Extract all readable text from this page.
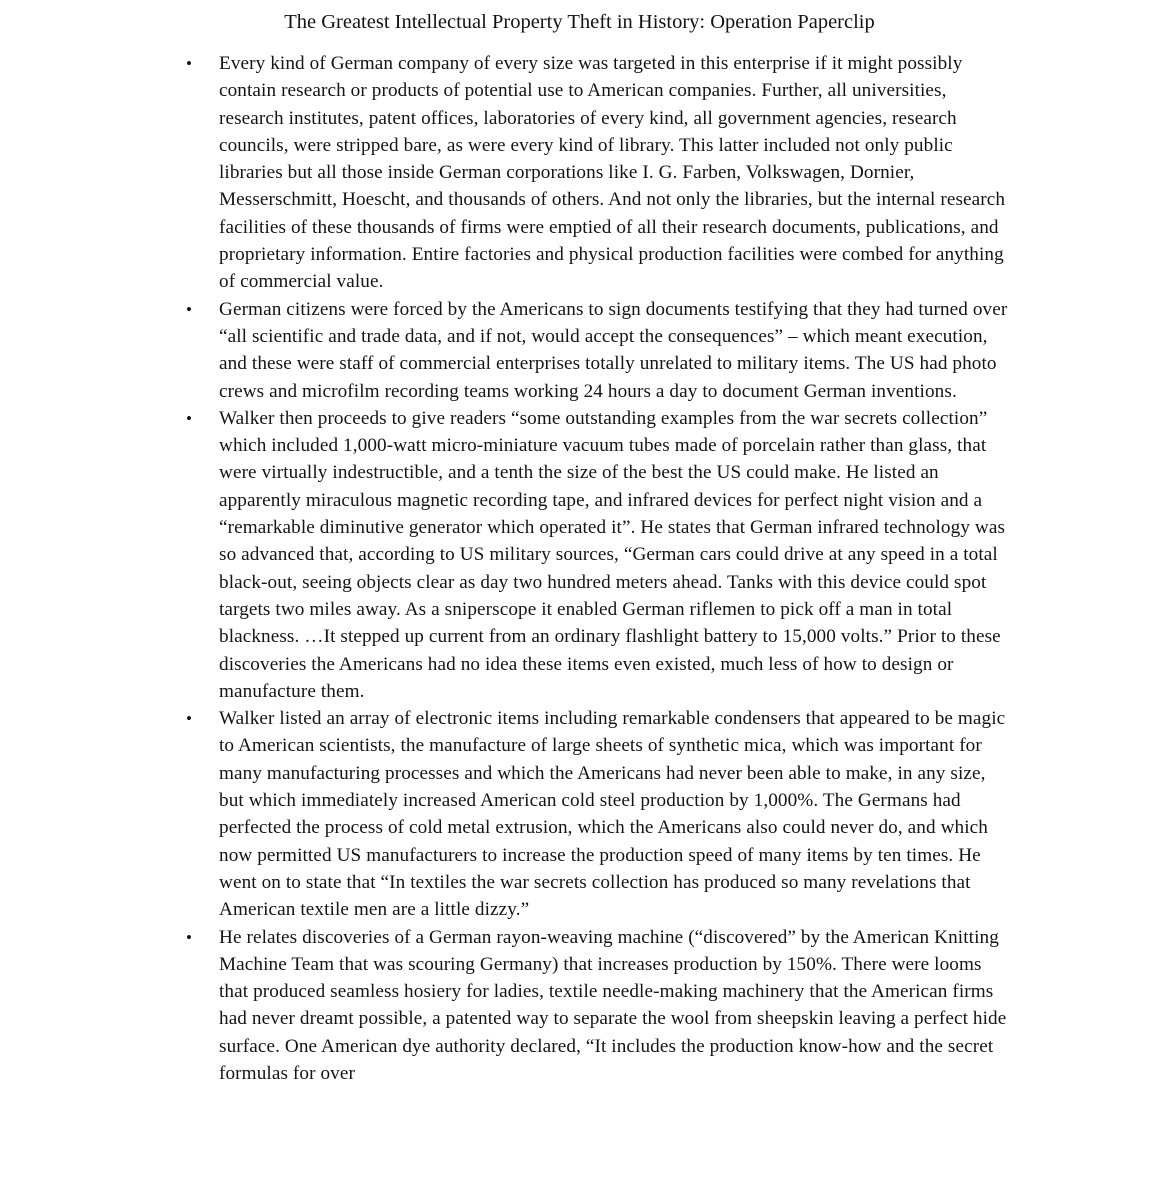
The Greatest Intellectual Property Theft in History: Operation Paperclip
•	Every kind of German company of every size was targeted in this enterprise if it might possibly contain research or products of potential use to American companies. Further, all universities, research institutes, patent offices, laboratories of every kind, all government agencies, research councils, were stripped bare, as were every kind of library. This latter included not only public libraries but all those inside German corporations like I. G. Farben, Volkswagen, Dornier, Messerschmitt, Hoescht, and thousands of others. And not only the libraries, but the internal research facilities of these thousands of firms were emptied of all their research documents, publications, and proprietary information. Entire factories and physical production facilities were combed for anything of commercial value.
•	German citizens were forced by the Americans to sign documents testifying that they had turned over “all scientific and trade data, and if not, would accept the consequences” – which meant execution, and these were staff of commercial enterprises totally unrelated to military items. The US had photo crews and microfilm recording teams working 24 hours a day to document German inventions.
•	Walker then proceeds to give readers “some outstanding examples from the war secrets collection” which included 1,000-watt micro-miniature vacuum tubes made of porcelain rather than glass, that were virtually indestructible, and a tenth the size of the best the US could make. He listed an apparently miraculous magnetic recording tape, and infrared devices for perfect night vision and a “remarkable diminutive generator which operated it”. He states that German infrared technology was so advanced that, according to US military sources, “German cars could drive at any speed in a total black-out, seeing objects clear as day two hundred meters ahead. Tanks with this device could spot targets two miles away. As a sniperscope it enabled German riflemen to pick off a man in total blackness. …It stepped up current from an ordinary flashlight battery to 15,000 volts.” Prior to these discoveries the Americans had no idea these items even existed, much less of how to design or manufacture them.
•	Walker listed an array of electronic items including remarkable condensers that appeared to be magic to American scientists, the manufacture of large sheets of synthetic mica, which was important for many manufacturing processes and which the Americans had never been able to make, in any size, but which immediately increased American cold steel production by 1,000%. The Germans had perfected the process of cold metal extrusion, which the Americans also could never do, and which now permitted US manufacturers to increase the production speed of many items by ten times. He went on to state that “In textiles the war secrets collection has produced so many revelations that American textile men are a little dizzy.”
•	He relates discoveries of a German rayon-weaving machine (“discovered” by the American Knitting Machine Team that was scouring Germany) that increases production by 150%. There were looms that produced seamless hosiery for ladies, textile needle-making machinery that the American firms had never dreamt possible, a patented way to separate the wool from sheepskin leaving a perfect hide surface. One American dye authority declared, “It includes the production know-how and the secret formulas for over
